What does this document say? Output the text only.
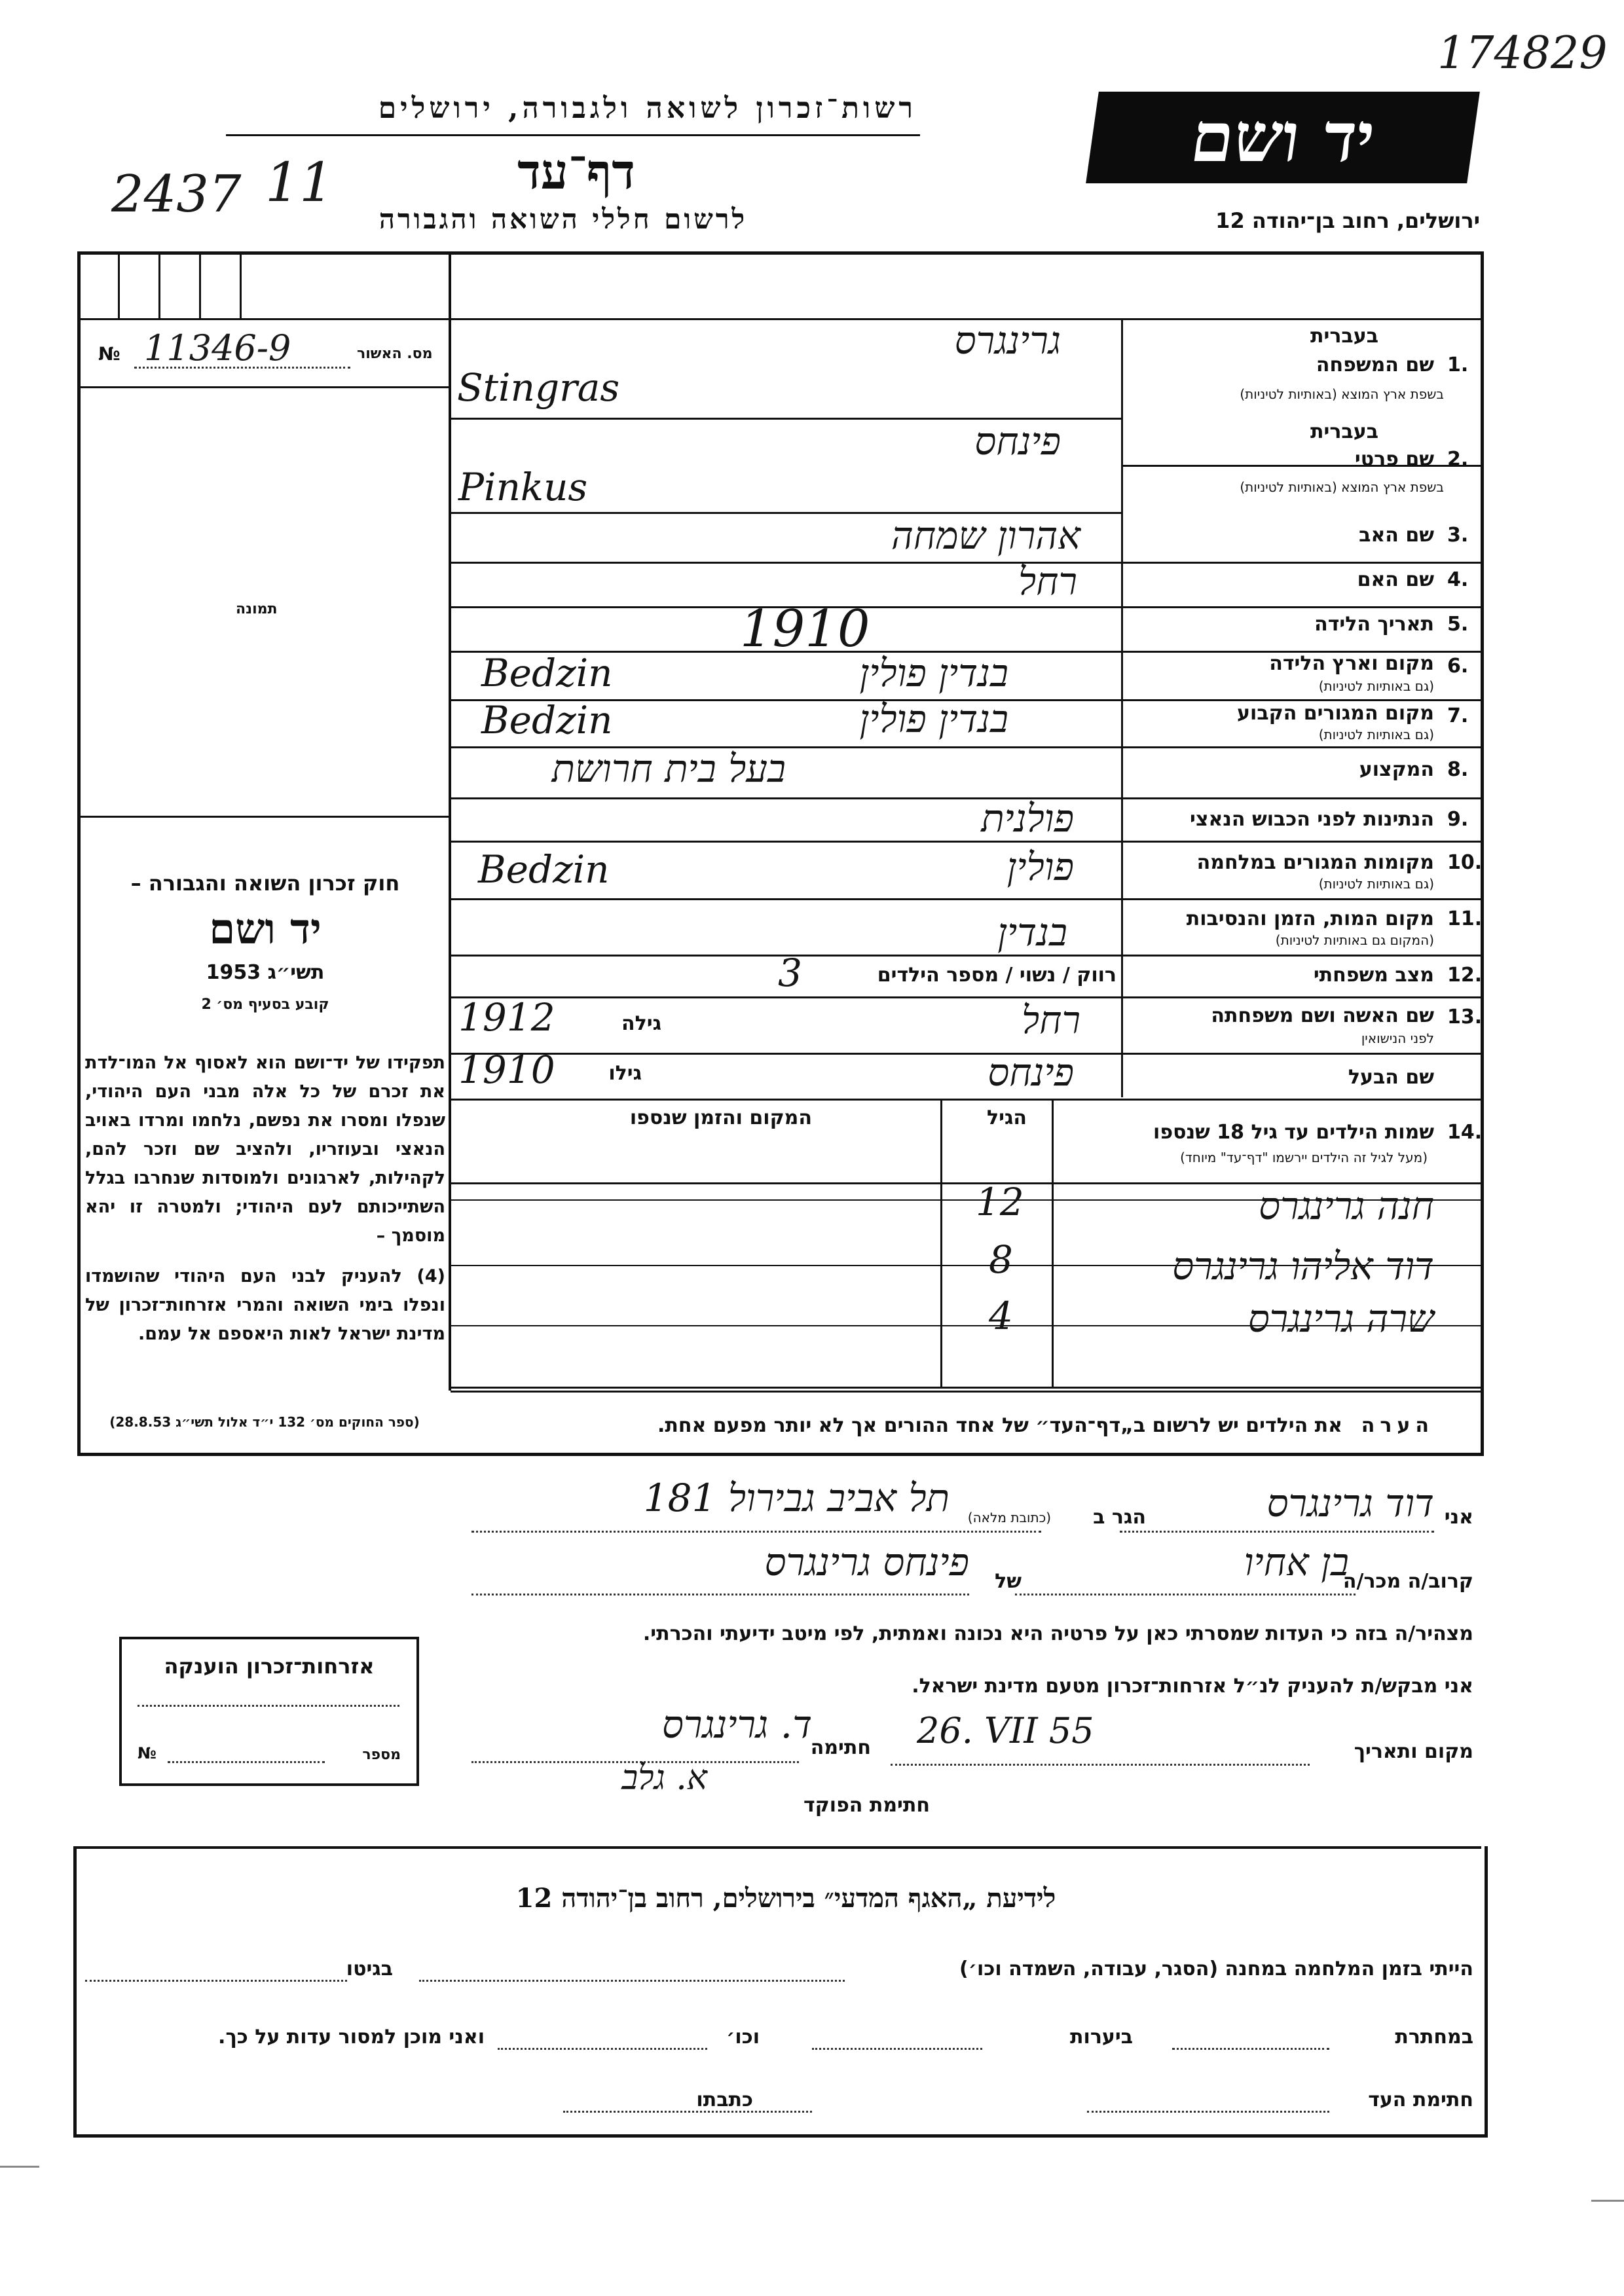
174829
יד ושם
רשות־זכרון לשואה ולגבורה, ירושלים
דף־עד
לרשום חללי השואה והגבורה	ירושלים, רחוב בן־יהודה 12
2437 11
מס. האשור
№ 11346-9
תמונה
חוק זכרון השואה והגבורה –
יד ושם
תשי״ג 1953
קובע בסעיף מס׳ 2
תפקידו של יד־ושם הוא לאסוף אל המו־לדת את זכרם של כל אלה מבני העם היהודי, שנפלו ומסרו את נפשם, נלחמו ומרדו באויב הנאצי ובעוזריו, ולהציב שם וזכר להם, לקהילות, לארגונים ולמוסדות שנחרבו בגלל השתייכותם לעם היהודי; ולמטרה זו יהא מוסמך –
(4) להעניק לבני העם היהודי שהושמדו ונפלו בימי השואה והמרי אזרחות־זכרון של מדינת ישראל לאות היאספם אל עמם.
(ספר החוקים מס׳ 132 י״ד אלול תשי״ג 28.8.53)
1.
שם המשפחה
בעברית
בשפת ארץ המוצא (באותיות לטיניות)
גרינגרס
Stingras
2.
שם פרטי
בעברית
בשפת ארץ המוצא (באותיות לטיניות)
פינחס
Pinkus
3.
שם האב
אהרון שמחה
4.
שם האם
רחל
5.
תאריך הלידה
1910
6.
מקום וארץ הלידה
(גם באותיות לטיניות)
בנדין פולין
Bedzin
7.
מקום המגורים הקבוע
(גם באותיות לטיניות)
בנדין פולין
Bedzin
8.
המקצוע
בעל בית חרושת
9.
הנתינות לפני הכבוש הנאצי
פולנית
10.
מקומות המגורים במלחמה
(גם באותיות לטיניות)
פולין
Bedzin
11.
מקום המות, הזמן והנסיבות
(המקום גם באותיות לטיניות)
בנדין
12.
מצב משפחתי
רווק / נשוי / מספר הילדים
3
13.
שם האשה ושם משפחתה
לפני הנישואין
רחל
גילה
1912
שם הבעל
פינחס
גילו
1910
14.
שמות הילדים עד גיל 18 שנספו
(מעל לגיל זה הילדים יירשמו "דף־עד" מיוחד)
הגיל
המקום והזמן שנספו
חנה גרינגרס
12
דוד אליהו גרינגרס
8
שרה גרינגרס
4
הערה
את הילדים יש לרשום ב„דף־העד״ של אחד ההורים אך לא יותר מפעם אחת.
אני
דוד גרינגרס
הגר ב
(כתובת מלאה)
תל אביב גבירול 181
קרוב/ה מכר/ה
בן אחיו
של
פינחס גרינגרס
מצהיר/ה בזה כי העדות שמסרתי כאן על פרטיה היא נכונה ואמתית, לפי מיטב ידיעתי והכרתי.
אני מבקש/ת להעניק לנ״ל אזרחות־זכרון מטעם מדינת ישראל.
מקום ותאריך
26. VII 55
חתימה
ד. גרינגרס
חתימת הפוקד
א. גלב
אזרחות־זכרון הוענקה
מספר
№
לידיעת „האגף המדעי״ בירושלים, רחוב בן־יהודה 12
הייתי בזמן המלחמה במחנה (הסגר, עבודה, השמדה וכו׳)
בגיטו
במחתרת
ביערות
וכו׳
ואני מוכן למסור עדות על כך.
חתימת העד
כתבתו
